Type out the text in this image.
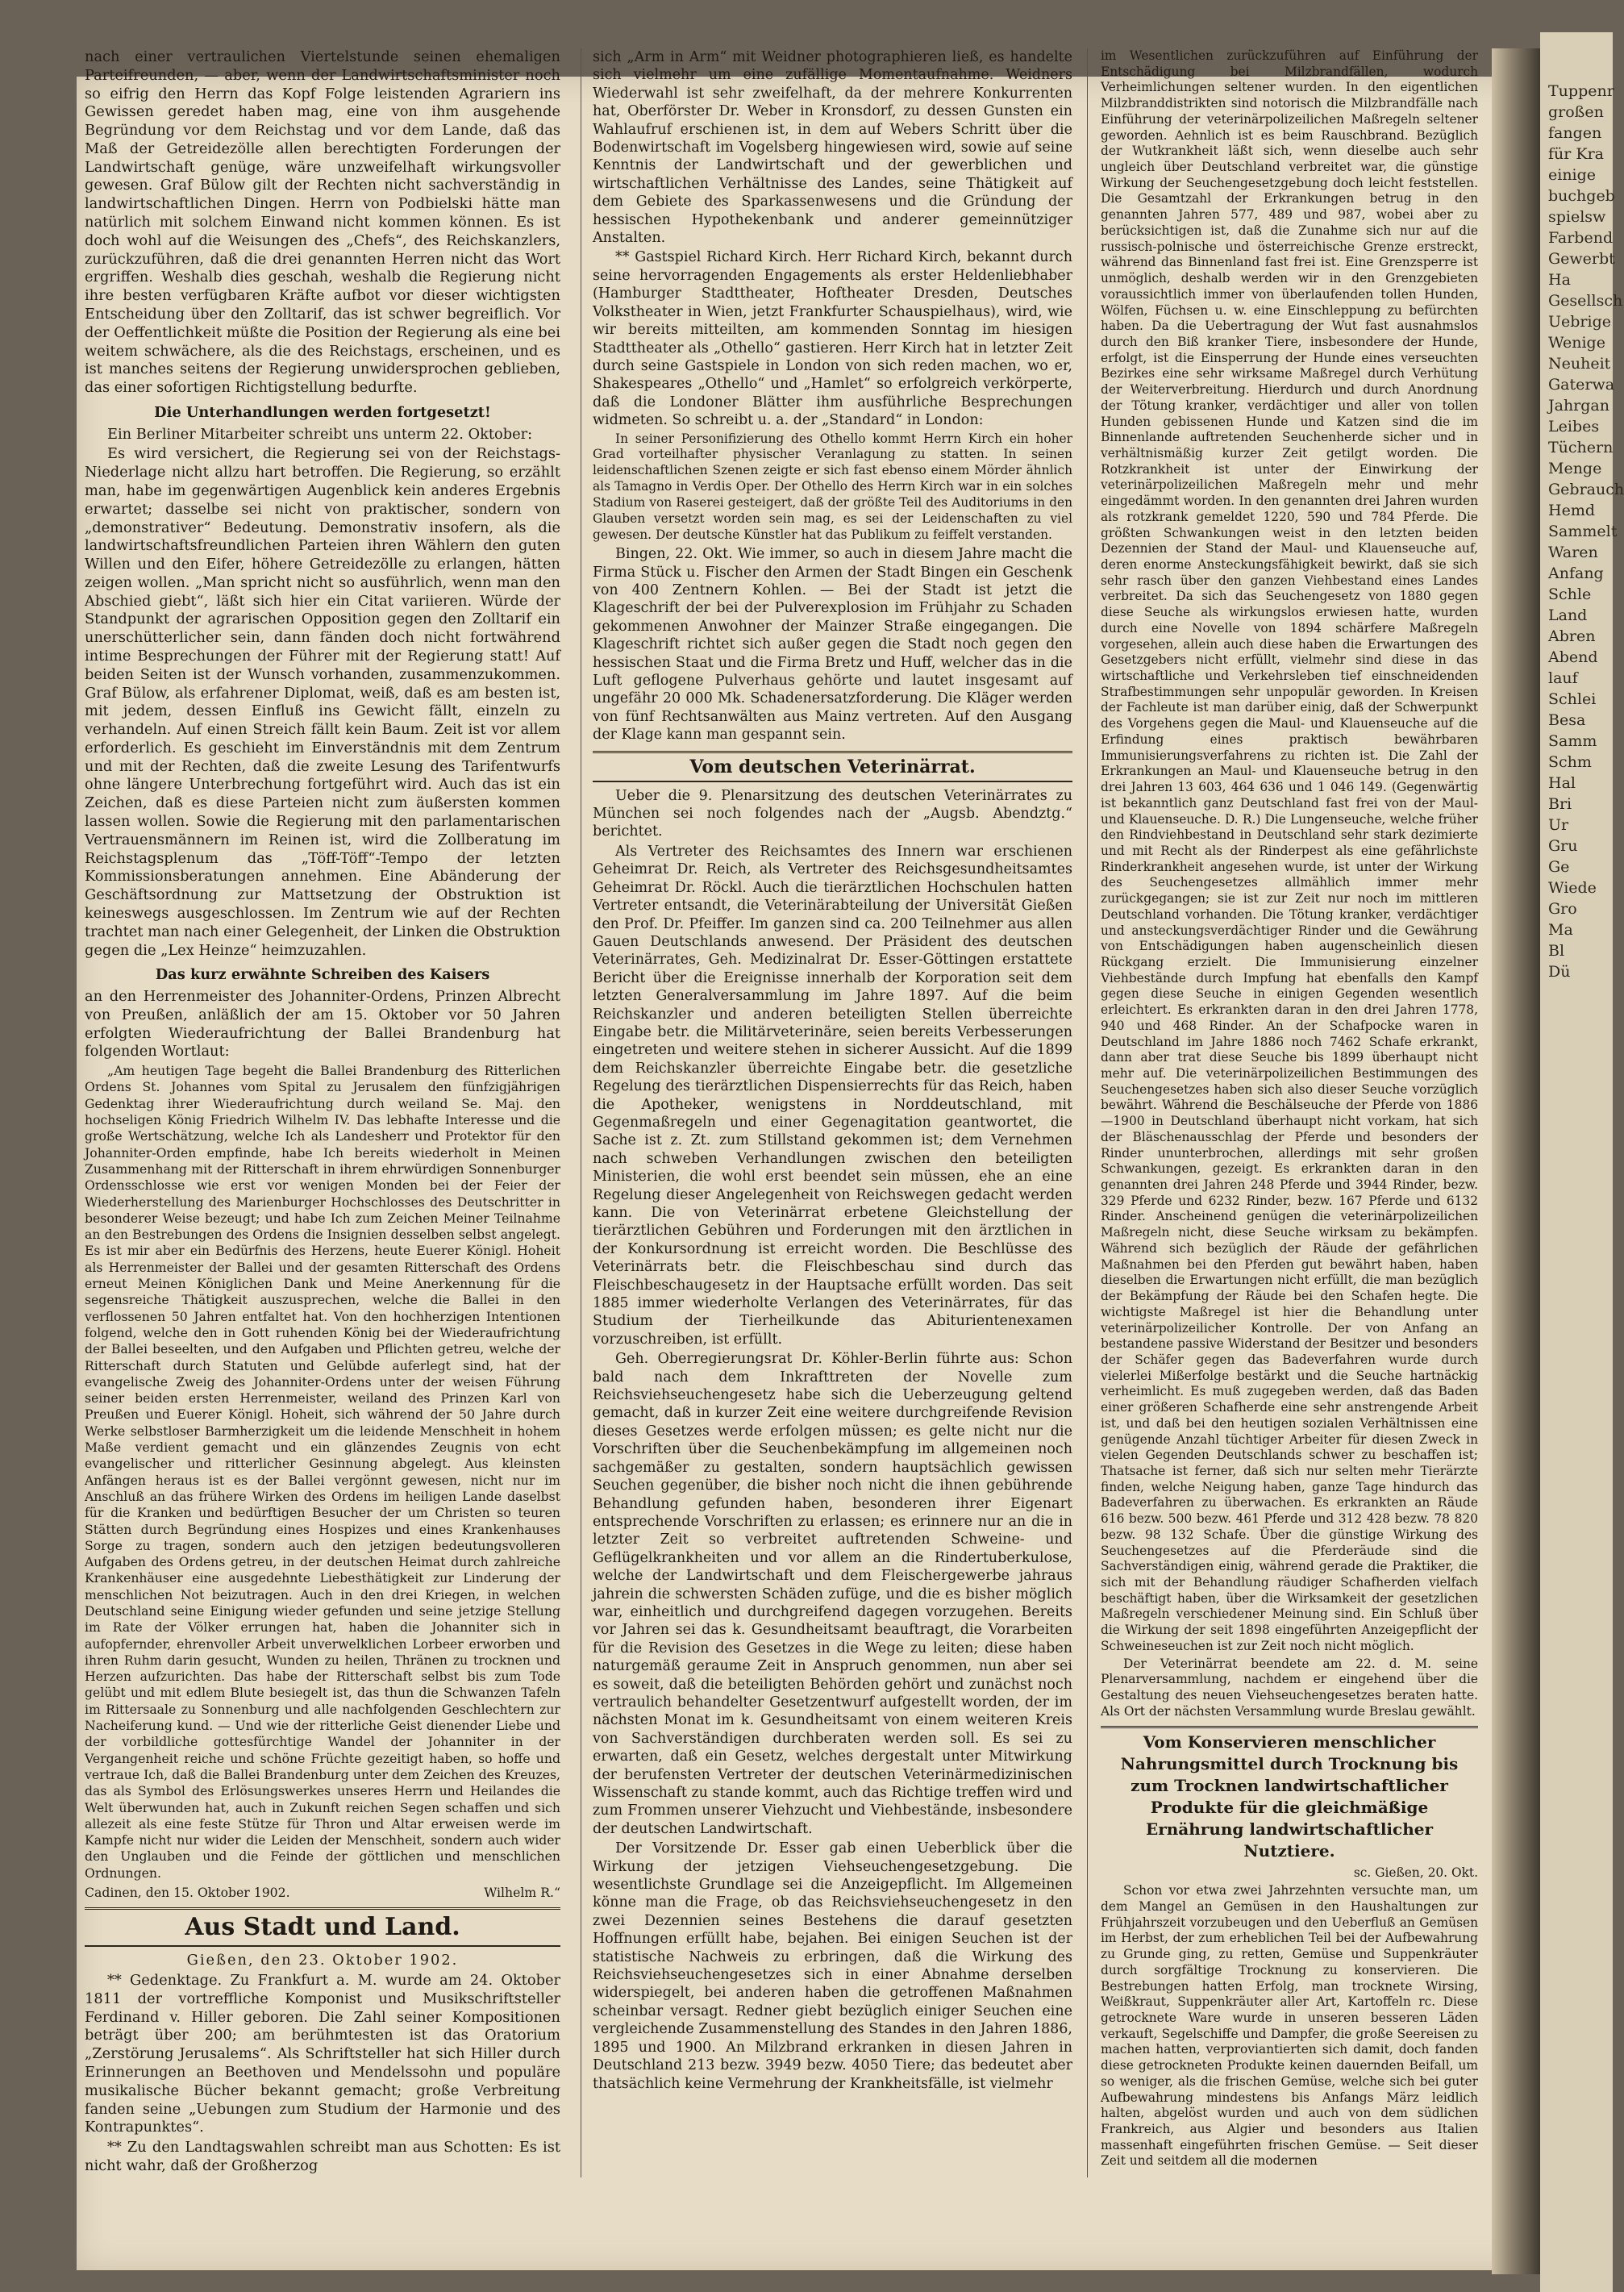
Tuppenr
großen
fangen
für Kra
einige
buchgeb
spielsw
Farbend
Gewerbt
Ha
Gesellsch
Uebrige
Wenige
Neuheit
Gaterwa
Jahrgan
Leibes
Tüchern
Menge
Gebrauch
Hemd
Sammelt
Waren
Anfang
Schle
Land
Abren
Abend
lauf
Schlei
Besa
Samm
Schm
Hal
Bri
Ur
Gru
Ge
Wiede
Gro
Ma
Bl
Dü

nach einer vertraulichen Viertelstunde seinen ehemaligen Parteifreunden, — aber, wenn der Landwirtschaftsminister noch so eifrig den Herrn das Kopf Folge leistenden Agrariern ins Gewissen geredet haben mag, eine von ihm ausgehende Begründung vor dem Reichstag und vor dem Lande, daß das Maß der Getreidezölle allen berechtigten Forderungen der Landwirtschaft genüge, wäre unzweifelhaft wirkungsvoller gewesen. Graf Bülow gilt der Rechten nicht sachverständig in landwirtschaftlichen Dingen. Herrn von Podbielski hätte man natürlich mit solchem Einwand nicht kommen können. Es ist doch wohl auf die Weisungen des „Chefs“, des Reichskanzlers, zurückzuführen, daß die drei genannten Herren nicht das Wort ergriffen. Weshalb dies geschah, weshalb die Regierung nicht ihre besten verfügbaren Kräfte aufbot vor dieser wichtigsten Entscheidung über den Zolltarif, das ist schwer begreiflich. Vor der Oeffentlichkeit müßte die Position der Regierung als eine bei weitem schwächere, als die des Reichstags, erscheinen, und es ist manches seitens der Regierung unwidersprochen geblieben, das einer sofortigen Richtigstellung bedurfte.

Die Unterhandlungen werden fortgesetzt!

Ein Berliner Mitarbeiter schreibt uns unterm 22. Oktober:

Es wird versichert, die Regierung sei von der Reichstags-Niederlage nicht allzu hart betroffen. Die Regierung, so erzählt man, habe im gegenwärtigen Augenblick kein anderes Ergebnis erwartet; dasselbe sei nicht von praktischer, sondern von „demonstrativer“ Bedeutung. Demonstrativ insofern, als die landwirtschaftsfreundlichen Parteien ihren Wählern den guten Willen und den Eifer, höhere Getreidezölle zu erlangen, hätten zeigen wollen. „Man spricht nicht so ausführlich, wenn man den Abschied giebt“, läßt sich hier ein Citat variieren. Würde der Standpunkt der agrarischen Opposition gegen den Zolltarif ein unerschütterlicher sein, dann fänden doch nicht fortwährend intime Besprechungen der Führer mit der Regierung statt! Auf beiden Seiten ist der Wunsch vorhanden, zusammenzukommen. Graf Bülow, als erfahrener Diplomat, weiß, daß es am besten ist, mit jedem, dessen Einfluß ins Gewicht fällt, einzeln zu verhandeln. Auf einen Streich fällt kein Baum. Zeit ist vor allem erforderlich. Es geschieht im Einverständnis mit dem Zentrum und mit der Rechten, daß die zweite Lesung des Tarifentwurfs ohne längere Unterbrechung fortgeführt wird. Auch das ist ein Zeichen, daß es diese Parteien nicht zum äußersten kommen lassen wollen. Sowie die Regierung mit den parlamentarischen Vertrauensmännern im Reinen ist, wird die Zollberatung im Reichstagsplenum das „Töff-Töff“-Tempo der letzten Kommissionsberatungen annehmen. Eine Abänderung der Geschäftsordnung zur Mattsetzung der Obstruktion ist keineswegs ausgeschlossen. Im Zentrum wie auf der Rechten trachtet man nach einer Gelegenheit, der Linken die Obstruktion gegen die „Lex Heinze“ heimzuzahlen.

Das kurz erwähnte Schreiben des Kaisers

an den Herrenmeister des Johanniter-Ordens, Prinzen Albrecht von Preußen, anläßlich der am 15. Oktober vor 50 Jahren erfolgten Wiederaufrichtung der Ballei Brandenburg hat folgenden Wortlaut:

„Am heutigen Tage begeht die Ballei Brandenburg des Ritterlichen Ordens St. Johannes vom Spital zu Jerusalem den fünfzigjährigen Gedenktag ihrer Wiederaufrichtung durch weiland Se. Maj. den hochseligen König Friedrich Wilhelm IV. Das lebhafte Interesse und die große Wertschätzung, welche Ich als Landesherr und Protektor für den Johanniter-Orden empfinde, habe Ich bereits wiederholt in Meinen Zusammenhang mit der Ritterschaft in ihrem ehrwürdigen Sonnenburger Ordensschlosse wie erst vor wenigen Monden bei der Feier der Wiederherstellung des Marienburger Hochschlosses des Deutschritter in besonderer Weise bezeugt; und habe Ich zum Zeichen Meiner Teilnahme an den Bestrebungen des Ordens die Insignien desselben selbst angelegt. Es ist mir aber ein Bedürfnis des Herzens, heute Euerer Königl. Hoheit als Herrenmeister der Ballei und der gesamten Ritterschaft des Ordens erneut Meinen Königlichen Dank und Meine Anerkennung für die segensreiche Thätigkeit auszusprechen, welche die Ballei in den verflossenen 50 Jahren entfaltet hat. Von den hochherzigen Intentionen folgend, welche den in Gott ruhenden König bei der Wiederaufrichtung der Ballei beseelten, und den Aufgaben und Pflichten getreu, welche der Ritterschaft durch Statuten und Gelübde auferlegt sind, hat der evangelische Zweig des Johanniter-Ordens unter der weisen Führung seiner beiden ersten Herrenmeister, weiland des Prinzen Karl von Preußen und Euerer Königl. Hoheit, sich während der 50 Jahre durch Werke selbstloser Barmherzigkeit um die leidende Menschheit in hohem Maße verdient gemacht und ein glänzendes Zeugnis von echt evangelischer und ritterlicher Gesinnung abgelegt. Aus kleinsten Anfängen heraus ist es der Ballei vergönnt gewesen, nicht nur im Anschluß an das frühere Wirken des Ordens im heiligen Lande daselbst für die Kranken und bedürftigen Besucher der um Christen so teuren Stätten durch Begründung eines Hospizes und eines Krankenhauses Sorge zu tragen, sondern auch den jetzigen bedeutungsvolleren Aufgaben des Ordens getreu, in der deutschen Heimat durch zahlreiche Krankenhäuser eine ausgedehnte Liebesthätigkeit zur Linderung der menschlichen Not beizutragen. Auch in den drei Kriegen, in welchen Deutschland seine Einigung wieder gefunden und seine jetzige Stellung im Rate der Völker errungen hat, haben die Johanniter sich in aufopfernder, ehrenvoller Arbeit unverwelklichen Lorbeer erworben und ihren Ruhm darin gesucht, Wunden zu heilen, Thränen zu trocknen und Herzen aufzurichten. Das habe der Ritterschaft selbst bis zum Tode gelübt und mit edlem Blute besiegelt ist, das thun die Schwanzen Tafeln im Rittersaale zu Sonnenburg und alle nachfolgenden Geschlechtern zur Nacheiferung kund. — Und wie der ritterliche Geist dienender Liebe und der vorbildliche gottesfürchtige Wandel der Johanniter in der Vergangenheit reiche und schöne Früchte gezeitigt haben, so hoffe und vertraue Ich, daß die Ballei Brandenburg unter dem Zeichen des Kreuzes, das als Symbol des Erlösungswerkes unseres Herrn und Heilandes die Welt überwunden hat, auch in Zukunft reichen Segen schaffen und sich allezeit als eine feste Stütze für Thron und Altar erweisen werde im Kampfe nicht nur wider die Leiden der Menschheit, sondern auch wider den Unglauben und die Feinde der göttlichen und menschlichen Ordnungen.

Cadinen, den 15. Oktober 1902.	Wilhelm R.“
Aus Stadt und Land.

Gießen, den 23. Oktober 1902.

** Gedenktage. Zu Frankfurt a. M. wurde am 24. Oktober 1811 der vortreffliche Komponist und Musikschriftsteller Ferdinand v. Hiller geboren. Die Zahl seiner Kompositionen beträgt über 200; am berühmtesten ist das Oratorium „Zerstörung Jerusalems“. Als Schriftsteller hat sich Hiller durch Erinnerungen an Beethoven und Mendelssohn und populäre musikalische Bücher bekannt gemacht; große Verbreitung fanden seine „Uebungen zum Studium der Harmonie und des Kontrapunktes“.

** Zu den Landtagswahlen schreibt man aus Schotten: Es ist nicht wahr, daß der Großherzog

sich „Arm in Arm“ mit Weidner photographieren ließ, es handelte sich vielmehr um eine zufällige Momentaufnahme. Weidners Wiederwahl ist sehr zweifelhaft, da der mehrere Konkurrenten hat, Oberförster Dr. Weber in Kronsdorf, zu dessen Gunsten ein Wahlaufruf erschienen ist, in dem auf Webers Schritt über die Bodenwirtschaft im Vogelsberg hingewiesen wird, sowie auf seine Kenntnis der Landwirtschaft und der gewerblichen und wirtschaftlichen Verhältnisse des Landes, seine Thätigkeit auf dem Gebiete des Sparkassenwesens und die Gründung der hessischen Hypothekenbank und anderer gemeinnütziger Anstalten.

** Gastspiel Richard Kirch. Herr Richard Kirch, bekannt durch seine hervorragenden Engagements als erster Heldenliebhaber (Hamburger Stadttheater, Hoftheater Dresden, Deutsches Volkstheater in Wien, jetzt Frankfurter Schauspielhaus), wird, wie wir bereits mitteilten, am kommenden Sonntag im hiesigen Stadttheater als „Othello“ gastieren. Herr Kirch hat in letzter Zeit durch seine Gastspiele in London von sich reden machen, wo er, Shakespeares „Othello“ und „Hamlet“ so erfolgreich verkörperte, daß die Londoner Blätter ihm ausführliche Besprechungen widmeten. So schreibt u. a. der „Standard“ in London:

In seiner Personifizierung des Othello kommt Herrn Kirch ein hoher Grad vorteilhafter physischer Veranlagung zu statten. In seinen leidenschaftlichen Szenen zeigte er sich fast ebenso einem Mörder ähnlich als Tamagno in Verdis Oper. Der Othello des Herrn Kirch war in ein solches Stadium von Raserei gesteigert, daß der größte Teil des Auditoriums in den Glauben versetzt worden sein mag, es sei der Leidenschaften zu viel gewesen. Der deutsche Künstler hat das Publikum zu feiffelt verstanden.

Bingen, 22. Okt. Wie immer, so auch in diesem Jahre macht die Firma Stück u. Fischer den Armen der Stadt Bingen ein Geschenk von 400 Zentnern Kohlen. — Bei der Stadt ist jetzt die Klageschrift der bei der Pulverexplosion im Frühjahr zu Schaden gekommenen Anwohner der Mainzer Straße eingegangen. Die Klageschrift richtet sich außer gegen die Stadt noch gegen den hessischen Staat und die Firma Bretz und Huff, welcher das in die Luft geflogene Pulverhaus gehörte und lautet insgesamt auf ungefähr 20 000 Mk. Schadenersatzforderung. Die Kläger werden von fünf Rechtsanwälten aus Mainz vertreten. Auf den Ausgang der Klage kann man gespannt sein.

Vom deutschen Veterinärrat.

Ueber die 9. Plenarsitzung des deutschen Veterinärrates zu München sei noch folgendes nach der „Augsb. Abendztg.“ berichtet.

Als Vertreter des Reichsamtes des Innern war erschienen Geheimrat Dr. Reich, als Vertreter des Reichsgesundheitsamtes Geheimrat Dr. Röckl. Auch die tierärztlichen Hochschulen hatten Vertreter entsandt, die Veterinärabteilung der Universität Gießen den Prof. Dr. Pfeiffer. Im ganzen sind ca. 200 Teilnehmer aus allen Gauen Deutschlands anwesend. Der Präsident des deutschen Veterinärrates, Geh. Medizinalrat Dr. Esser-Göttingen erstattete Bericht über die Ereignisse innerhalb der Korporation seit dem letzten Generalversammlung im Jahre 1897. Auf die beim Reichskanzler und anderen beteiligten Stellen überreichte Eingabe betr. die Militärveterinäre, seien bereits Verbesserungen eingetreten und weitere stehen in sicherer Aussicht. Auf die 1899 dem Reichskanzler überreichte Eingabe betr. die gesetzliche Regelung des tierärztlichen Dispensierrechts für das Reich, haben die Apotheker, wenigstens in Norddeutschland, mit Gegenmaßregeln und einer Gegenagitation geantwortet, die Sache ist z. Zt. zum Stillstand gekommen ist; dem Vernehmen nach schweben Verhandlungen zwischen den beteiligten Ministerien, die wohl erst beendet sein müssen, ehe an eine Regelung dieser Angelegenheit von Reichswegen gedacht werden kann. Die von Veterinärrat erbetene Gleichstellung der tierärztlichen Gebühren und Forderungen mit den ärztlichen in der Konkursordnung ist erreicht worden. Die Beschlüsse des Veterinärrats betr. die Fleischbeschau sind durch das Fleischbeschaugesetz in der Hauptsache erfüllt worden. Das seit 1885 immer wiederholte Verlangen des Veterinärrates, für das Studium der Tierheilkunde das Abiturientenexamen vorzuschreiben, ist erfüllt.

Geh. Oberregierungsrat Dr. Köhler-Berlin führte aus: Schon bald nach dem Inkrafttreten der Novelle zum Reichsviehseuchengesetz habe sich die Ueberzeugung geltend gemacht, daß in kurzer Zeit eine weitere durchgreifende Revision dieses Gesetzes werde erfolgen müssen; es gelte nicht nur die Vorschriften über die Seuchenbekämpfung im allgemeinen noch sachgemäßer zu gestalten, sondern hauptsächlich gewissen Seuchen gegenüber, die bisher noch nicht die ihnen gebührende Behandlung gefunden haben, besonderen ihrer Eigenart entsprechende Vorschriften zu erlassen; es erinnere nur an die in letzter Zeit so verbreitet auftretenden Schweine- und Geflügelkrankheiten und vor allem an die Rindertuberkulose, welche der Landwirtschaft und dem Fleischergewerbe jahraus jahrein die schwersten Schäden zufüge, und die es bisher möglich war, einheitlich und durchgreifend dagegen vorzugehen. Bereits vor Jahren sei das k. Gesundheitsamt beauftragt, die Vorarbeiten für die Revision des Gesetzes in die Wege zu leiten; diese haben naturgemäß geraume Zeit in Anspruch genommen, nun aber sei es soweit, daß die beteiligten Behörden gehört und zunächst noch vertraulich behandelter Gesetzentwurf aufgestellt worden, der im nächsten Monat im k. Gesundheitsamt von einem weiteren Kreis von Sachverständigen durchberaten werden soll. Es sei zu erwarten, daß ein Gesetz, welches dergestalt unter Mitwirkung der berufensten Vertreter der deutschen Veterinärmedizinischen Wissenschaft zu stande kommt, auch das Richtige treffen wird und zum Frommen unserer Viehzucht und Viehbestände, insbesondere der deutschen Landwirtschaft.

Der Vorsitzende Dr. Esser gab einen Ueberblick über die Wirkung der jetzigen Viehseuchengesetzgebung. Die wesentlichste Grundlage sei die Anzeigepflicht. Im Allgemeinen könne man die Frage, ob das Reichsviehseuchengesetz in den zwei Dezennien seines Bestehens die darauf gesetzten Hoffnungen erfüllt habe, bejahen. Bei einigen Seuchen ist der statistische Nachweis zu erbringen, daß die Wirkung des Reichsviehseuchengesetzes sich in einer Abnahme derselben widerspiegelt, bei anderen haben die getroffenen Maßnahmen scheinbar versagt. Redner giebt bezüglich einiger Seuchen eine vergleichende Zusammenstellung des Standes in den Jahren 1886, 1895 und 1900. An Milzbrand erkranken in diesen Jahren in Deutschland 213 bezw. 3949 bezw. 4050 Tiere; das bedeutet aber thatsächlich keine Vermehrung der Krankheitsfälle, ist vielmehr

im Wesentlichen zurückzuführen auf Einführung der Entschädigung bei Milzbrandfällen, wodurch Verheimlichungen seltener wurden. In den eigentlichen Milzbranddistrikten sind notorisch die Milzbrandfälle nach Einführung der veterinärpolizeilichen Maßregeln seltener geworden. Aehnlich ist es beim Rauschbrand. Bezüglich der Wutkrankheit läßt sich, wenn dieselbe auch sehr ungleich über Deutschland verbreitet war, die günstige Wirkung der Seuchengesetzgebung doch leicht feststellen. Die Gesamtzahl der Erkrankungen betrug in den genannten Jahren 577, 489 und 987, wobei aber zu berücksichtigen ist, daß die Zunahme sich nur auf die russisch-polnische und österreichische Grenze erstreckt, während das Binnenland fast frei ist. Eine Grenzsperre ist unmöglich, deshalb werden wir in den Grenzgebieten voraussichtlich immer von überlaufenden tollen Hunden, Wölfen, Füchsen u. w. eine Einschleppung zu befürchten haben. Da die Uebertragung der Wut fast ausnahmslos durch den Biß kranker Tiere, insbesondere der Hunde, erfolgt, ist die Einsperrung der Hunde eines verseuchten Bezirkes eine sehr wirksame Maßregel durch Verhütung der Weiterverbreitung. Hierdurch und durch Anordnung der Tötung kranker, verdächtiger und aller von tollen Hunden gebissenen Hunde und Katzen sind die im Binnenlande auftretenden Seuchenherde sicher und in verhältnismäßig kurzer Zeit getilgt worden. Die Rotzkrankheit ist unter der Einwirkung der veterinärpolizeilichen Maßregeln mehr und mehr eingedämmt worden. In den genannten drei Jahren wurden als rotzkrank gemeldet 1220, 590 und 784 Pferde. Die größten Schwankungen weist in den letzten beiden Dezennien der Stand der Maul- und Klauenseuche auf, deren enorme Ansteckungsfähigkeit bewirkt, daß sie sich sehr rasch über den ganzen Viehbestand eines Landes verbreitet. Da sich das Seuchengesetz von 1880 gegen diese Seuche als wirkungslos erwiesen hatte, wurden durch eine Novelle von 1894 schärfere Maßregeln vorgesehen, allein auch diese haben die Erwartungen des Gesetzgebers nicht erfüllt, vielmehr sind diese in das wirtschaftliche und Verkehrsleben tief einschneidenden Strafbestimmungen sehr unpopulär geworden. In Kreisen der Fachleute ist man darüber einig, daß der Schwerpunkt des Vorgehens gegen die Maul- und Klauenseuche auf die Erfindung eines praktisch bewährbaren Immunisierungsverfahrens zu richten ist. Die Zahl der Erkrankungen an Maul- und Klauenseuche betrug in den drei Jahren 13 603, 464 636 und 1 046 149. (Gegenwärtig ist bekanntlich ganz Deutschland fast frei von der Maul- und Klauenseuche. D. R.) Die Lungenseuche, welche früher den Rindviehbestand in Deutschland sehr stark dezimierte und mit Recht als der Rinderpest als eine gefährlichste Rinderkrankheit angesehen wurde, ist unter der Wirkung des Seuchengesetzes allmählich immer mehr zurückgegangen; sie ist zur Zeit nur noch im mittleren Deutschland vorhanden. Die Tötung kranker, verdächtiger und ansteckungsverdächtiger Rinder und die Gewährung von Entschädigungen haben augenscheinlich diesen Rückgang erzielt. Die Immunisierung einzelner Viehbestände durch Impfung hat ebenfalls den Kampf gegen diese Seuche in einigen Gegenden wesentlich erleichtert. Es erkrankten daran in den drei Jahren 1778, 940 und 468 Rinder. An der Schafpocke waren in Deutschland im Jahre 1886 noch 7462 Schafe erkrankt, dann aber trat diese Seuche bis 1899 überhaupt nicht mehr auf. Die veterinärpolizeilichen Bestimmungen des Seuchengesetzes haben sich also dieser Seuche vorzüglich bewährt. Während die Beschälseuche der Pferde von 1886—1900 in Deutschland überhaupt nicht vorkam, hat sich der Bläschenausschlag der Pferde und besonders der Rinder ununterbrochen, allerdings mit sehr großen Schwankungen, gezeigt. Es erkrankten daran in den genannten drei Jahren 248 Pferde und 3944 Rinder, bezw. 329 Pferde und 6232 Rinder, bezw. 167 Pferde und 6132 Rinder. Anscheinend genügen die veterinärpolizeilichen Maßregeln nicht, diese Seuche wirksam zu bekämpfen. Während sich bezüglich der Räude der gefährlichen Maßnahmen bei den Pferden gut bewährt haben, haben dieselben die Erwartungen nicht erfüllt, die man bezüglich der Bekämpfung der Räude bei den Schafen hegte. Die wichtigste Maßregel ist hier die Behandlung unter veterinärpolizeilicher Kontrolle. Der von Anfang an bestandene passive Widerstand der Besitzer und besonders der Schäfer gegen das Badeverfahren wurde durch vielerlei Mißerfolge bestärkt und die Seuche hartnäckig verheimlicht. Es muß zugegeben werden, daß das Baden einer größeren Schafherde eine sehr anstrengende Arbeit ist, und daß bei den heutigen sozialen Verhältnissen eine genügende Anzahl tüchtiger Arbeiter für diesen Zweck in vielen Gegenden Deutschlands schwer zu beschaffen ist; Thatsache ist ferner, daß sich nur selten mehr Tierärzte finden, welche Neigung haben, ganze Tage hindurch das Badeverfahren zu überwachen. Es erkrankten an Räude 616 bezw. 500 bezw. 461 Pferde und 312 428 bezw. 78 820 bezw. 98 132 Schafe. Über die günstige Wirkung des Seuchengesetzes auf die Pferderäude sind die Sachverständigen einig, während gerade die Praktiker, die sich mit der Behandlung räudiger Schafherden vielfach beschäftigt haben, über die Wirksamkeit der gesetzlichen Maßregeln verschiedener Meinung sind. Ein Schluß über die Wirkung der seit 1898 eingeführten Anzeigepflicht der Schweineseuchen ist zur Zeit noch nicht möglich.

Der Veterinärrat beendete am 22. d. M. seine Plenarversammlung, nachdem er eingehend über die Gestaltung des neuen Viehseuchengesetzes beraten hatte. Als Ort der nächsten Versammlung wurde Breslau gewählt.

Vom Konservieren menschlicher Nahrungsmittel durch Trocknung bis zum Trocknen landwirtschaftlicher Produkte für die gleichmäßige Ernährung landwirtschaftlicher Nutztiere.

sc. Gießen, 20. Okt.

Schon vor etwa zwei Jahrzehnten versuchte man, um dem Mangel an Gemüsen in den Haushaltungen zur Frühjahrszeit vorzubeugen und den Ueberfluß an Gemüsen im Herbst, der zum erheblichen Teil bei der Aufbewahrung zu Grunde ging, zu retten, Gemüse und Suppenkräuter durch sorgfältige Trocknung zu konservieren. Die Bestrebungen hatten Erfolg, man trocknete Wirsing, Weißkraut, Suppenkräuter aller Art, Kartoffeln rc. Diese getrocknete Ware wurde in unseren besseren Läden verkauft, Segelschiffe und Dampfer, die große Seereisen zu machen hatten, verproviantierten sich damit, doch fanden diese getrockneten Produkte keinen dauernden Beifall, um so weniger, als die frischen Gemüse, welche sich bei guter Aufbewahrung mindestens bis Anfangs März leidlich halten, abgelöst wurden und auch von dem südlichen Frankreich, aus Algier und besonders aus Italien massenhaft eingeführten frischen Gemüse. — Seit dieser Zeit und seitdem all die modernen
